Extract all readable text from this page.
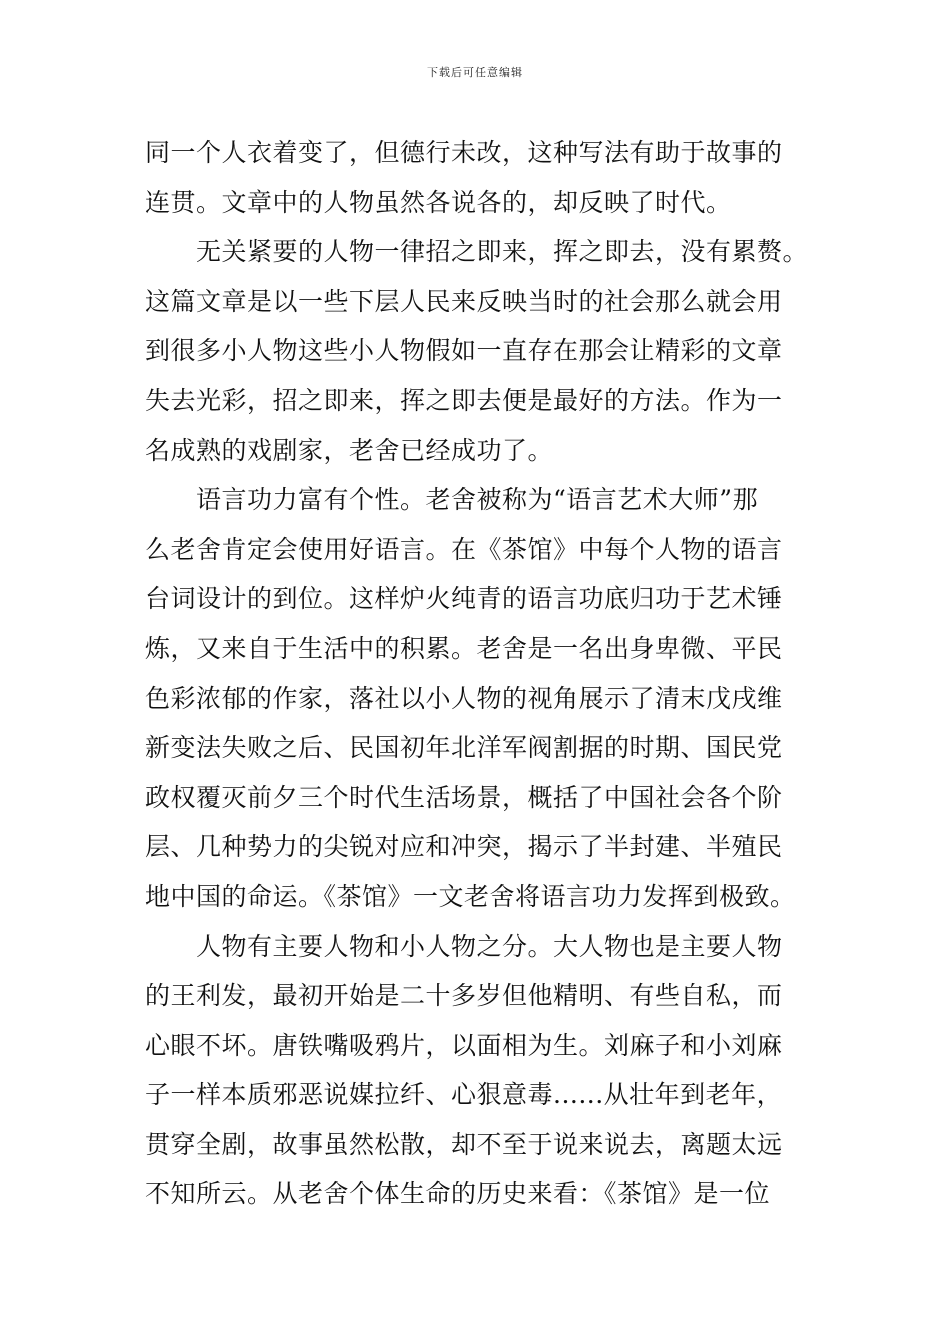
下载后可任意编辑
同一个人衣着变了，但德行未改，这种写法有助于故事的
连贯。文章中的人物虽然各说各的，却反映了时代。
　　无关紧要的人物一律招之即来，挥之即去，没有累赘。
这篇文章是以一些下层人民来反映当时的社会那么就会用
到很多小人物这些小人物假如一直存在那会让精彩的文章
失去光彩，招之即来，挥之即去便是最好的方法。作为一
名成熟的戏剧家，老舍已经成功了。
　　语言功力富有个性。老舍被称为“语言艺术大师”那
么老舍肯定会使用好语言。在《茶馆》中每个人物的语言
台词设计的到位。这样炉火纯青的语言功底归功于艺术锤
炼，又来自于生活中的积累。老舍是一名出身卑微、平民
色彩浓郁的作家，落社以小人物的视角展示了清末戊戌维
新变法失败之后、民国初年北洋军阀割据的时期、国民党
政权覆灭前夕三个时代生活场景，概括了中国社会各个阶
层、几种势力的尖锐对应和冲突，揭示了半封建、半殖民
地中国的命运。《茶馆》一文老舍将语言功力发挥到极致。
　　人物有主要人物和小人物之分。大人物也是主要人物
的王利发，最初开始是二十多岁但他精明、有些自私，而
心眼不坏。唐铁嘴吸鸦片，以面相为生。刘麻子和小刘麻
子一样本质邪恶说媒拉纤、心狠意毒......从壮年到老年，
贯穿全剧，故事虽然松散，却不至于说来说去，离题太远
不知所云。从老舍个体生命的历史来看：《茶馆》是一位
